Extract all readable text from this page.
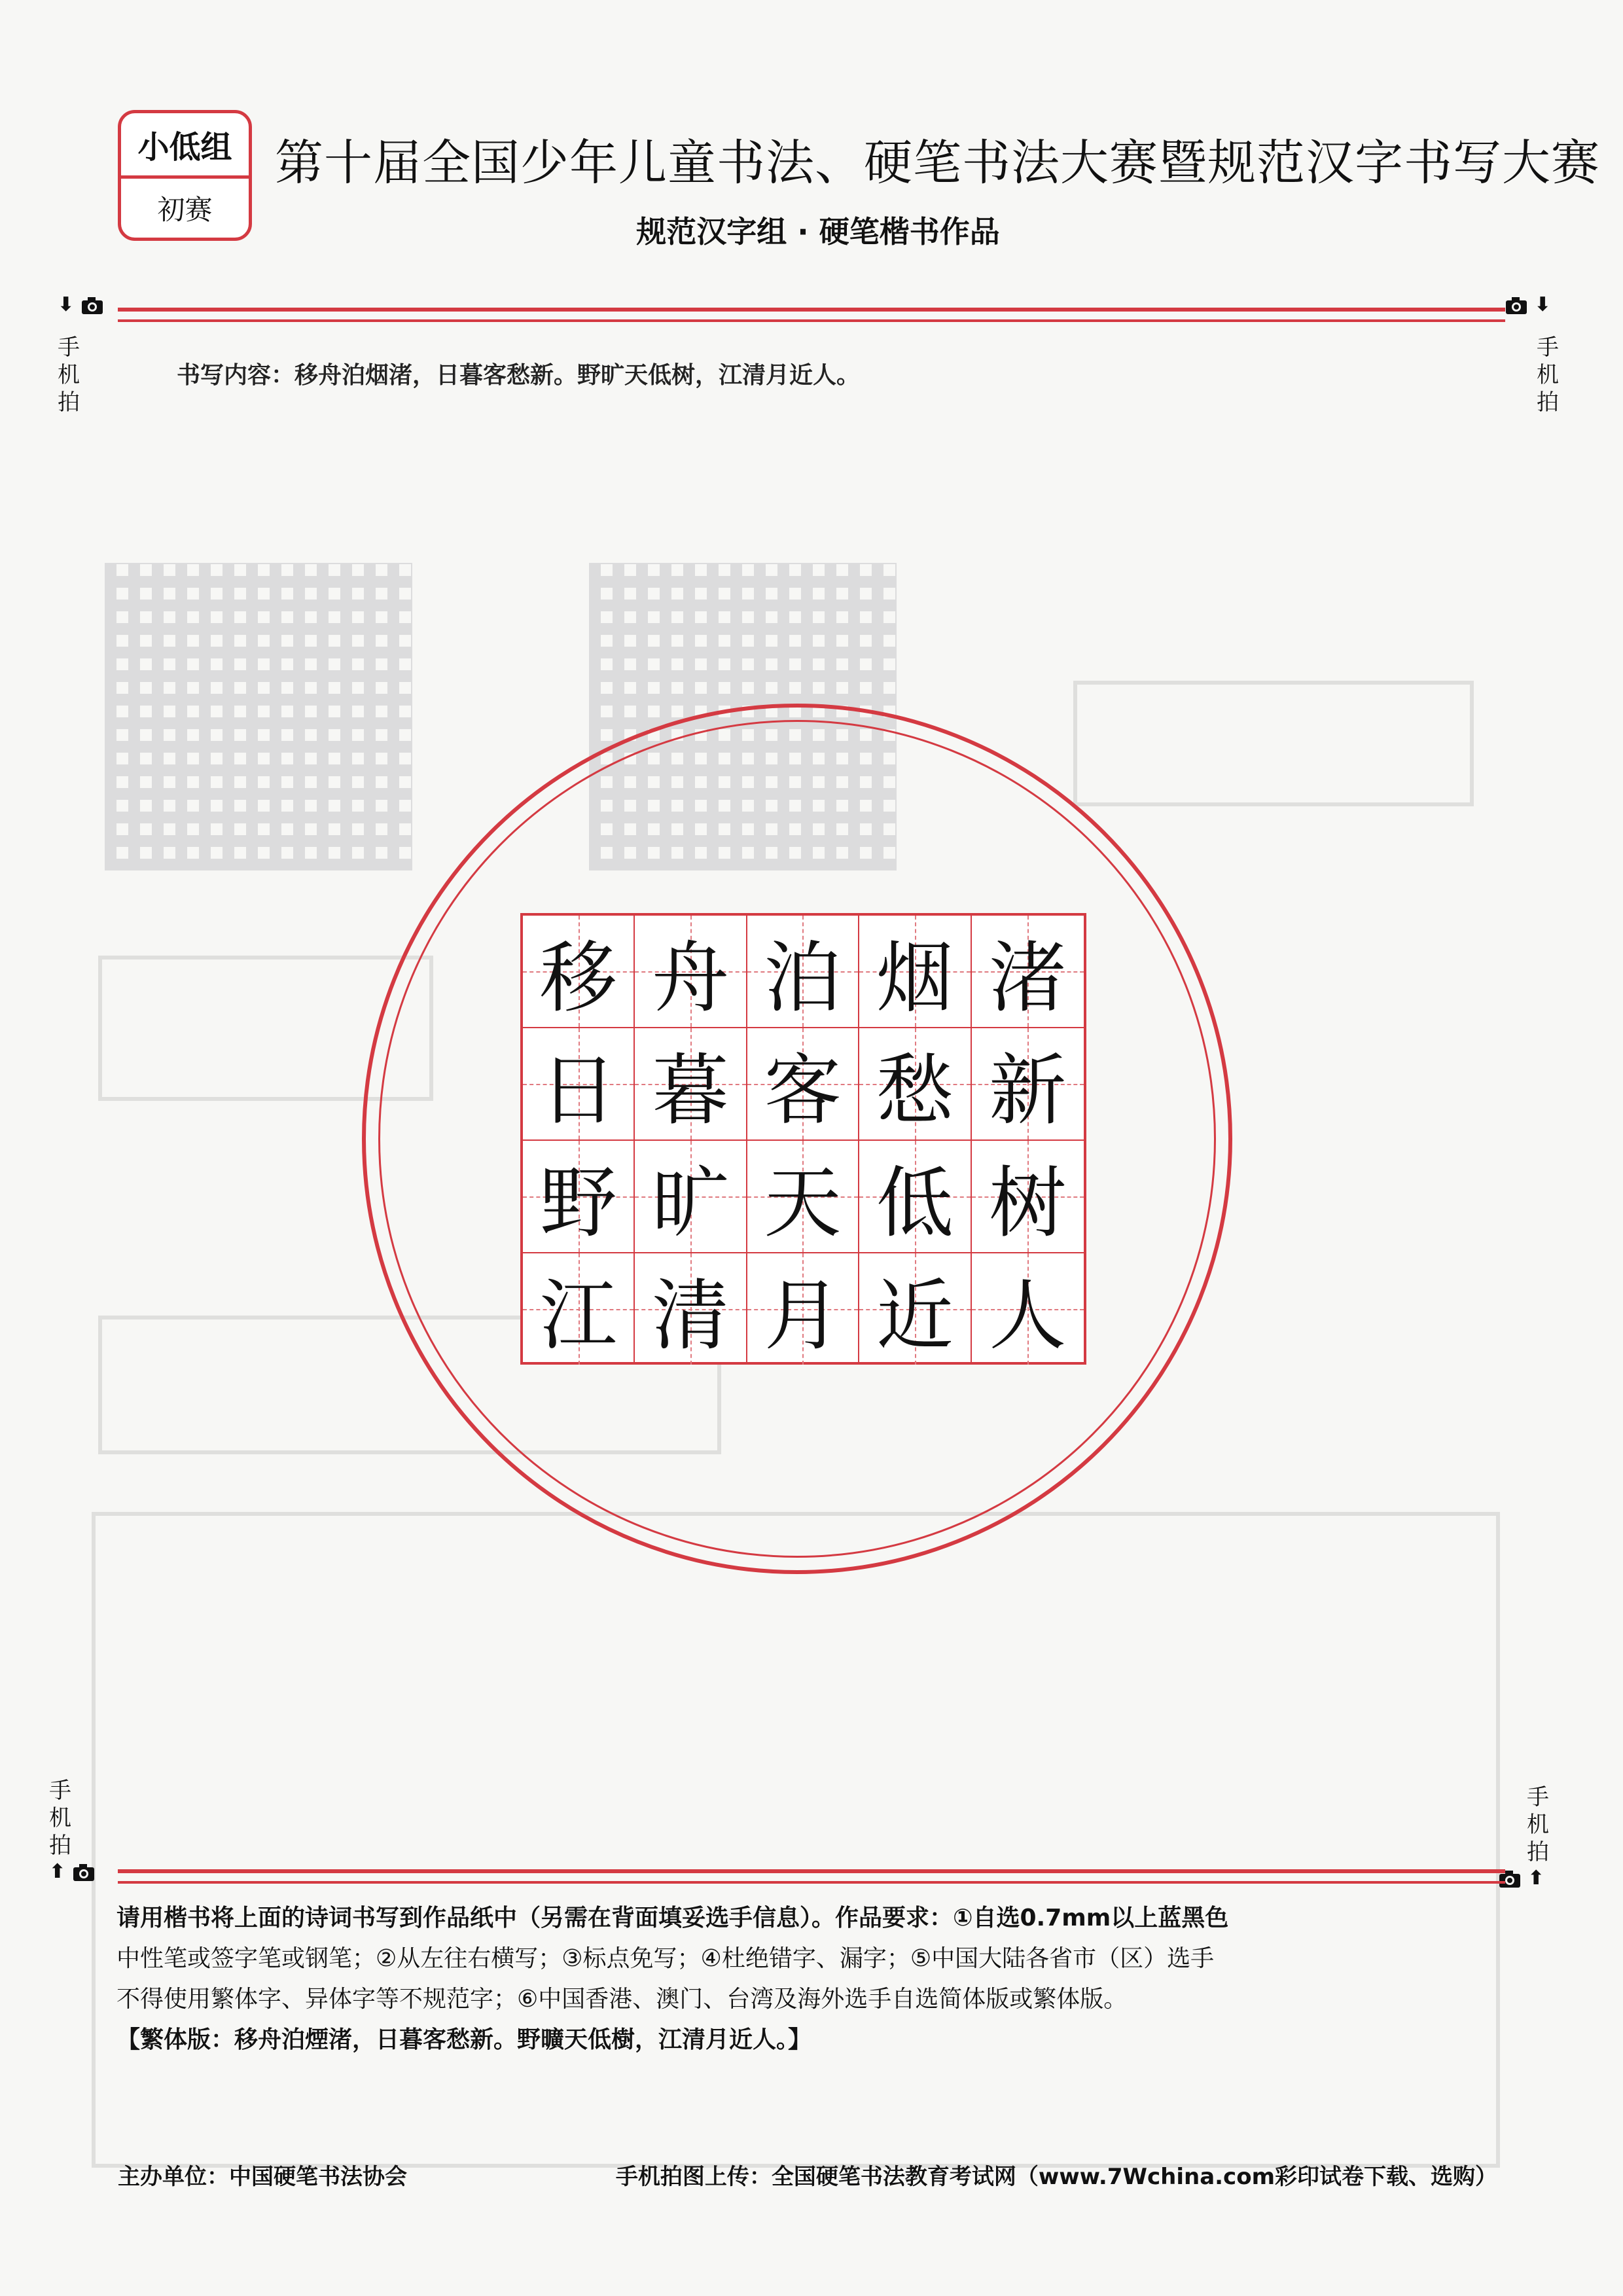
小低组
初赛
第十届全国少年儿童书法、硬笔书法大赛暨规范汉字书写大赛
规范汉字组 · 硬笔楷书作品
⬇
手
机
拍
⬇
手
机
拍
书写内容：移舟泊烟渚，日暮客愁新。野旷天低树，江清月近人。
移 舟 泊 烟 渚
日 暮 客 愁 新
野 旷 天 低 树
江 清 月 近 人
手
机
拍
⬆
手
机
拍
⬆
请用楷书将上面的诗词书写到作品纸中（另需在背面填妥选手信息）。作品要求：①自选0.7mm以上蓝黑色
中性笔或签字笔或钢笔；②从左往右横写；③标点免写；④杜绝错字、漏字；⑤中国大陆各省市（区）选手
不得使用繁体字、异体字等不规范字；⑥中国香港、澳门、台湾及海外选手自选简体版或繁体版。
【繁体版：移舟泊煙渚，日暮客愁新。野曠天低樹，江清月近人。】
主办单位：中国硬笔书法协会	手机拍图上传：全国硬笔书法教育考试网（www.7Wchina.com彩印试卷下载、选购）
